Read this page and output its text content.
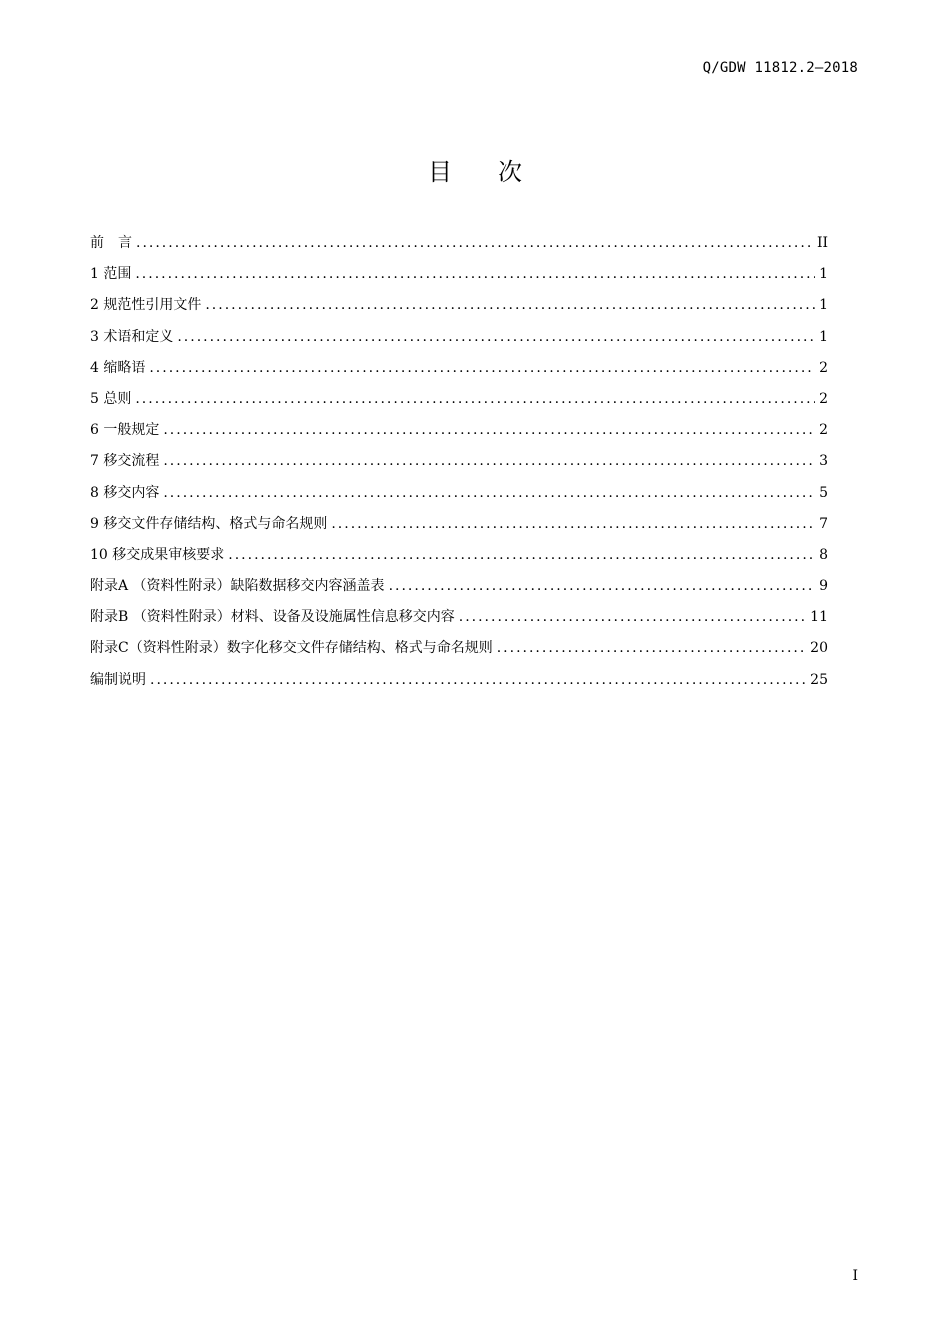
Q/GDW 11812.2—2018
目次
前　言 .....	II
1 范围 .....	1
2 规范性引用文件 .....	1
3 术语和定义 .....	1
4 缩略语 .....	2
5 总则 .....	2
6 一般规定 .....	2
7 移交流程 .....	3
8 移交内容 .....	5
9 移交文件存储结构、格式与命名规则 .....	7
10 移交成果审核要求 .....	8
附录A （资料性附录）缺陷数据移交内容涵盖表 .....	9
附录B （资料性附录）材料、设备及设施属性信息移交内容 .....	11
附录C（资料性附录）数字化移交文件存储结构、格式与命名规则 .....	20
编制说明 .....	25
I
